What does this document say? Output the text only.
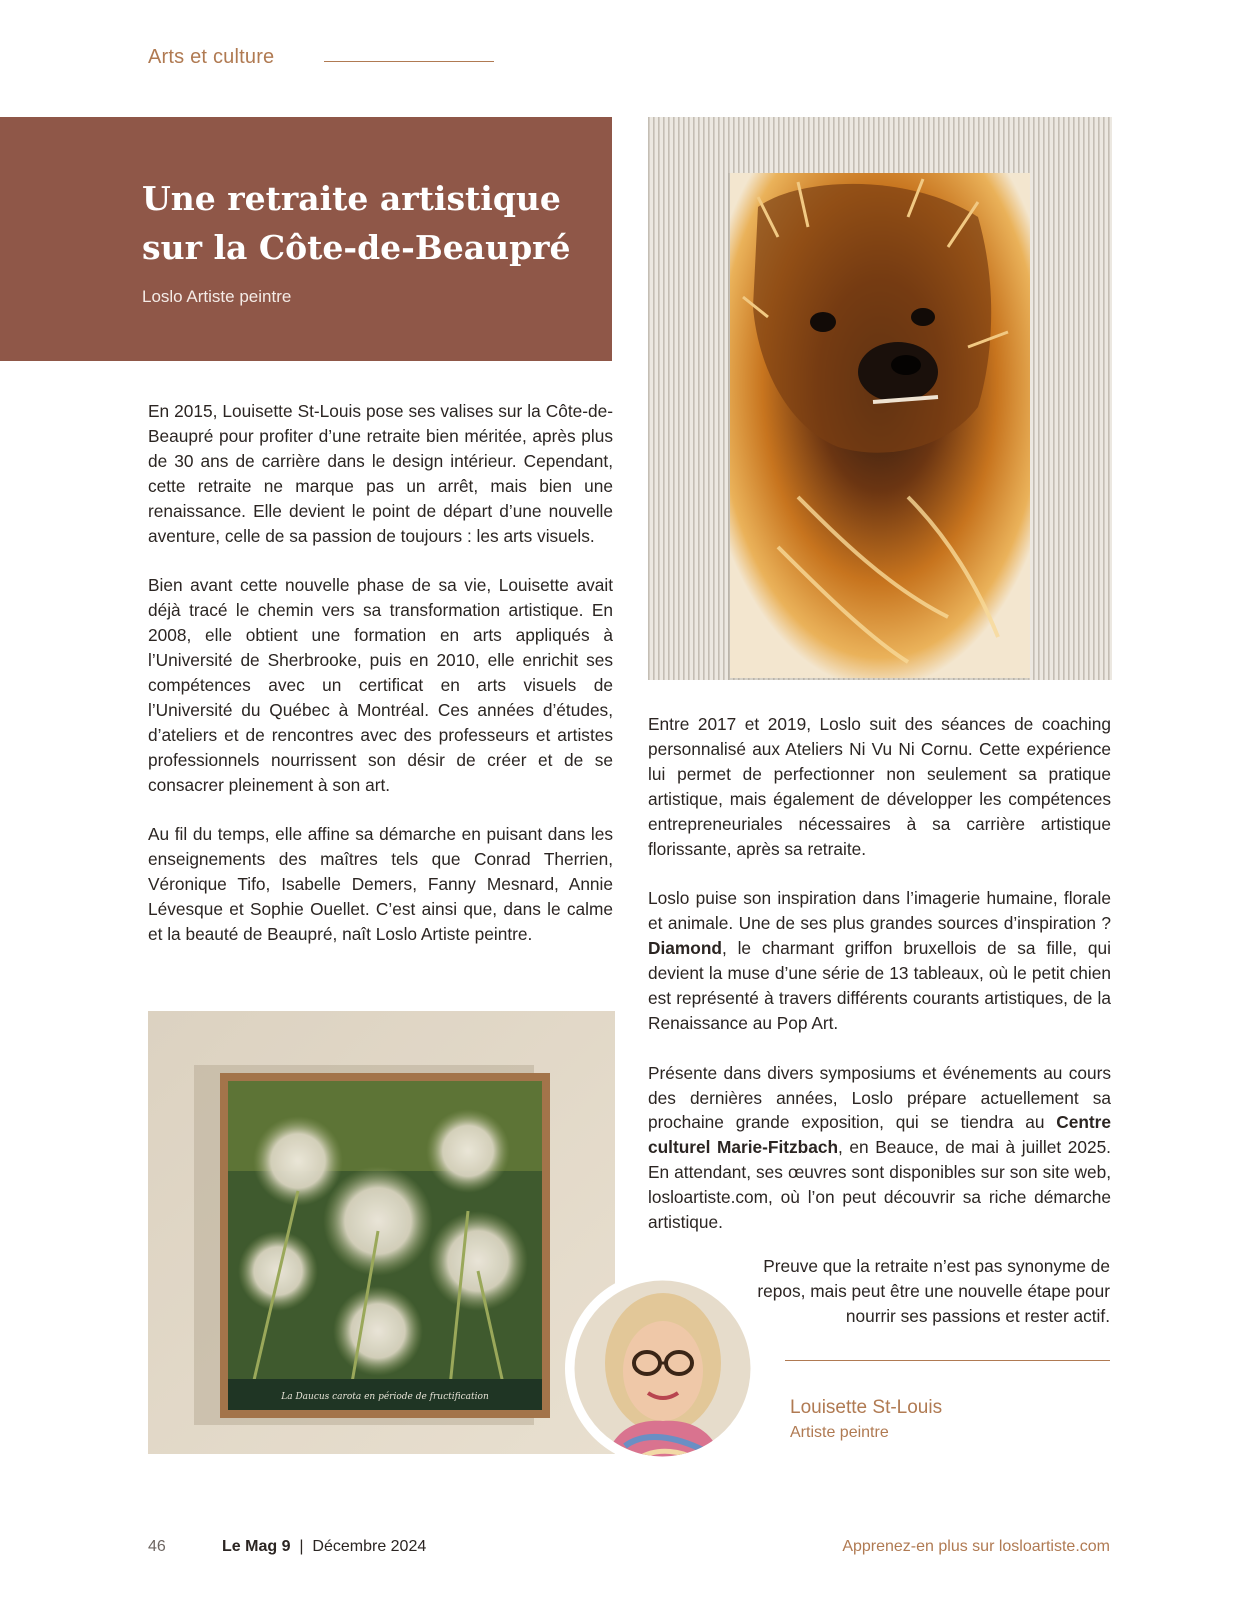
Arts et culture
Une retraite artistique
sur la Côte-de-Beaupré
Loslo Artiste peintre

En 2015, Louisette St-Louis pose ses valises sur la Côte-de-Beaupré pour profiter d’une retraite bien méritée, après plus de 30 ans de carrière dans le design intérieur. Cependant, cette retraite ne marque pas un arrêt, mais bien une renaissance. Elle devient le point de départ d’une nouvelle aventure, celle de sa passion de toujours : les arts visuels.

Bien avant cette nouvelle phase de sa vie, Louisette avait déjà tracé le chemin vers sa transformation artistique. En 2008, elle obtient une formation en arts appliqués à l’Université de Sherbrooke, puis en 2010, elle enrichit ses compétences avec un certificat en arts visuels de l’Université du Québec à Montréal. Ces années d’études, d’ateliers et de rencontres avec des professeurs et artistes professionnels nourrissent son désir de créer et de se consacrer pleinement à son art.

Au fil du temps, elle affine sa démarche en puisant dans les enseignements des maîtres tels que Conrad Therrien, Véronique Tifo, Isabelle Demers, Fanny Mesnard, Annie Lévesque et Sophie Ouellet. C’est ainsi que, dans le calme et la beauté de Beaupré, naît Loslo Artiste peintre.

Entre 2017 et 2019, Loslo suit des séances de coaching personnalisé aux Ateliers Ni Vu Ni Cornu. Cette expérience lui permet de perfectionner non seulement sa pratique artistique, mais également de développer les compétences entrepreneuriales nécessaires à sa carrière artistique florissante, après sa retraite.

Loslo puise son inspiration dans l’imagerie humaine, florale et animale. Une de ses plus grandes sources d’inspiration ? Diamond, le charmant griffon bruxellois de sa fille, qui devient la muse d’une série de 13 tableaux, où le petit chien est représenté à travers différents courants artistiques, de la Renaissance au Pop Art.

Présente dans divers symposiums et événements au cours des dernières années, Loslo prépare actuellement sa prochaine grande exposition, qui se tiendra au Centre culturel Marie-Fitzbach, en Beauce, de mai à juillet 2025. En attendant, ses œuvres sont disponibles sur son site web, losloartiste.com, où l’on peut découvrir sa riche démarche artistique.

La Daucus carota en période de fructification
Preuve que la retraite n’est pas synonyme de repos, mais peut être une nouvelle étape pour nourrir ses passions et rester actif.
Louisette St-Louis
Artiste peintre
46	Le Mag 9 | Décembre 2024	Apprenez-en plus sur losloartiste.com
